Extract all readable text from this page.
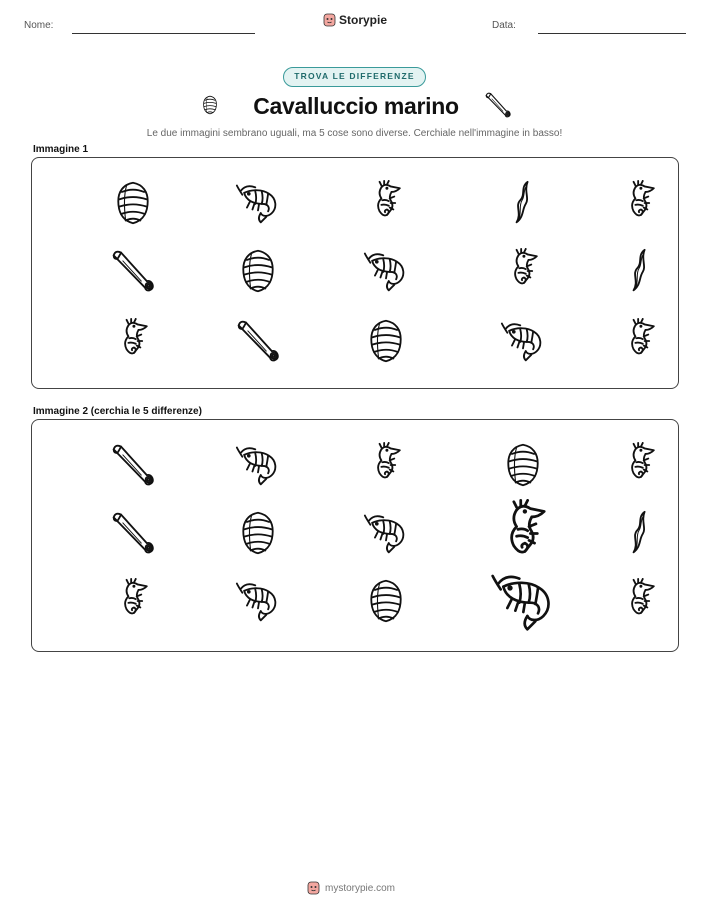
Nome:	Storypie	Data:
TROVA LE DIFFERENZE
Cavalluccio marino
Le due immagini sembrano uguali, ma 5 cose sono diverse. Cerchiale nell'immagine in basso!
Immagine 1
Immagine 2 (cerchia le 5 differenze)
mystorypie.com
